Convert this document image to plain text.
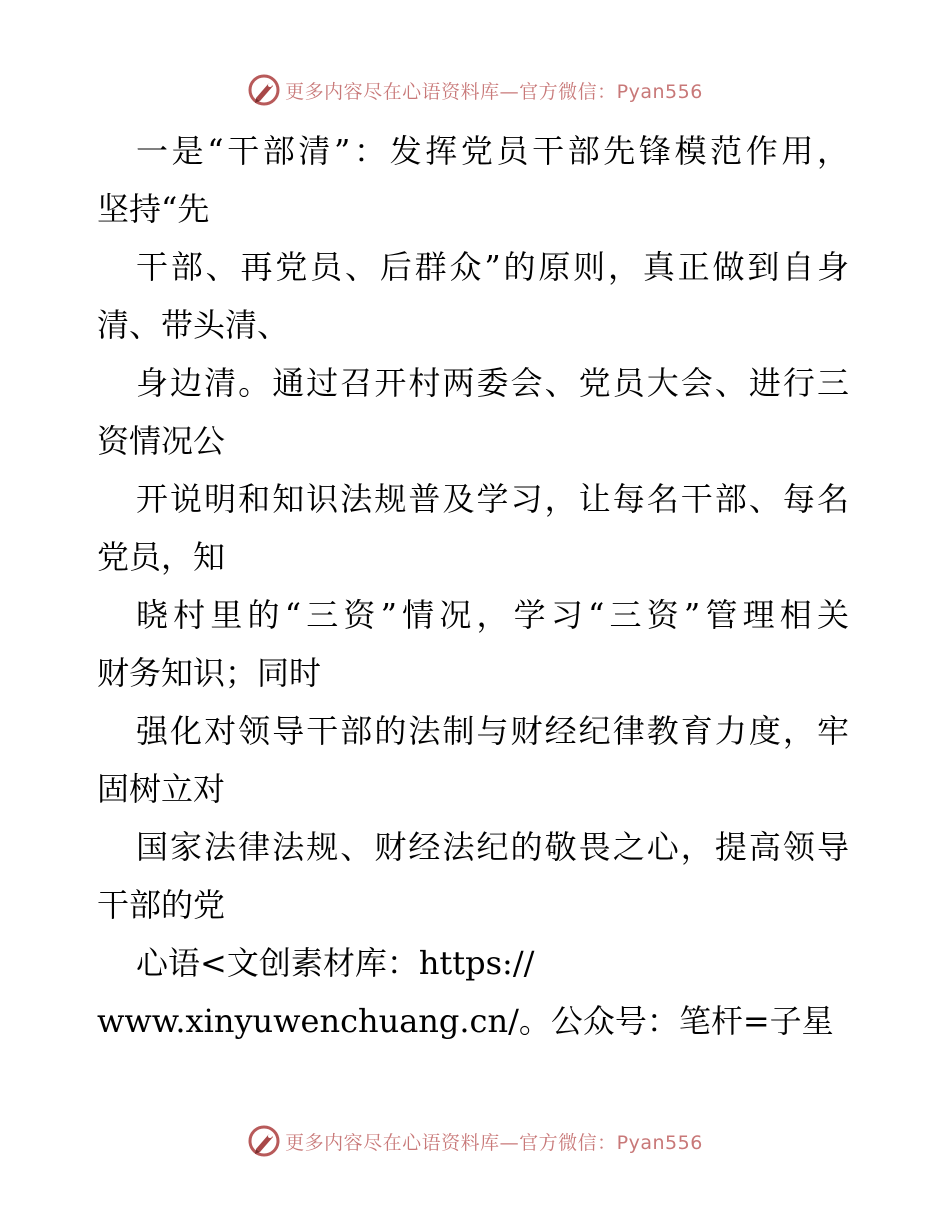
更多内容尽在心语资料库—官方微信：Pyan556
一是“干部清”：发挥党员干部先锋模范作用，
坚持“先
干部、再党员、后群众”的原则，真正做到自身
清、带头清、
身边清。通过召开村两委会、党员大会、进行三
资情况公
开说明和知识法规普及学习，让每名干部、每名
党员，知
晓村里的“三资”情况，学习“三资”管理相关
财务知识；同时
强化对领导干部的法制与财经纪律教育力度，牢
固树立对
国家法律法规、财经法纪的敬畏之心，提高领导
干部的党
心语<文创素材库：https://
www.xinyuwenchuang.cn/。公众号：笔杆=子星
更多内容尽在心语资料库—官方微信：Pyan556
